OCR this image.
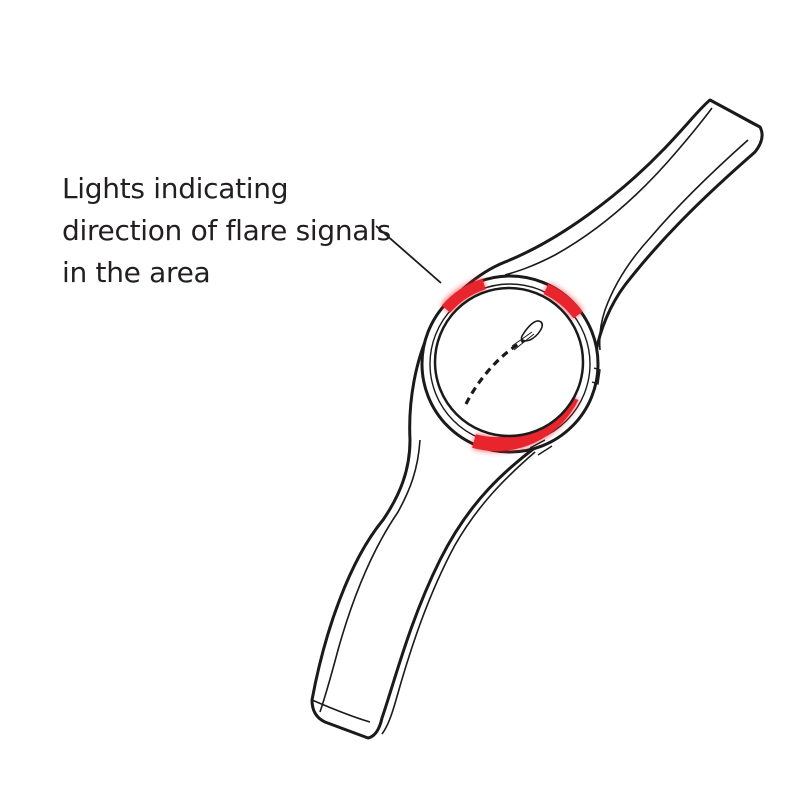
Lights indicating
direction of flare signals
in the area
